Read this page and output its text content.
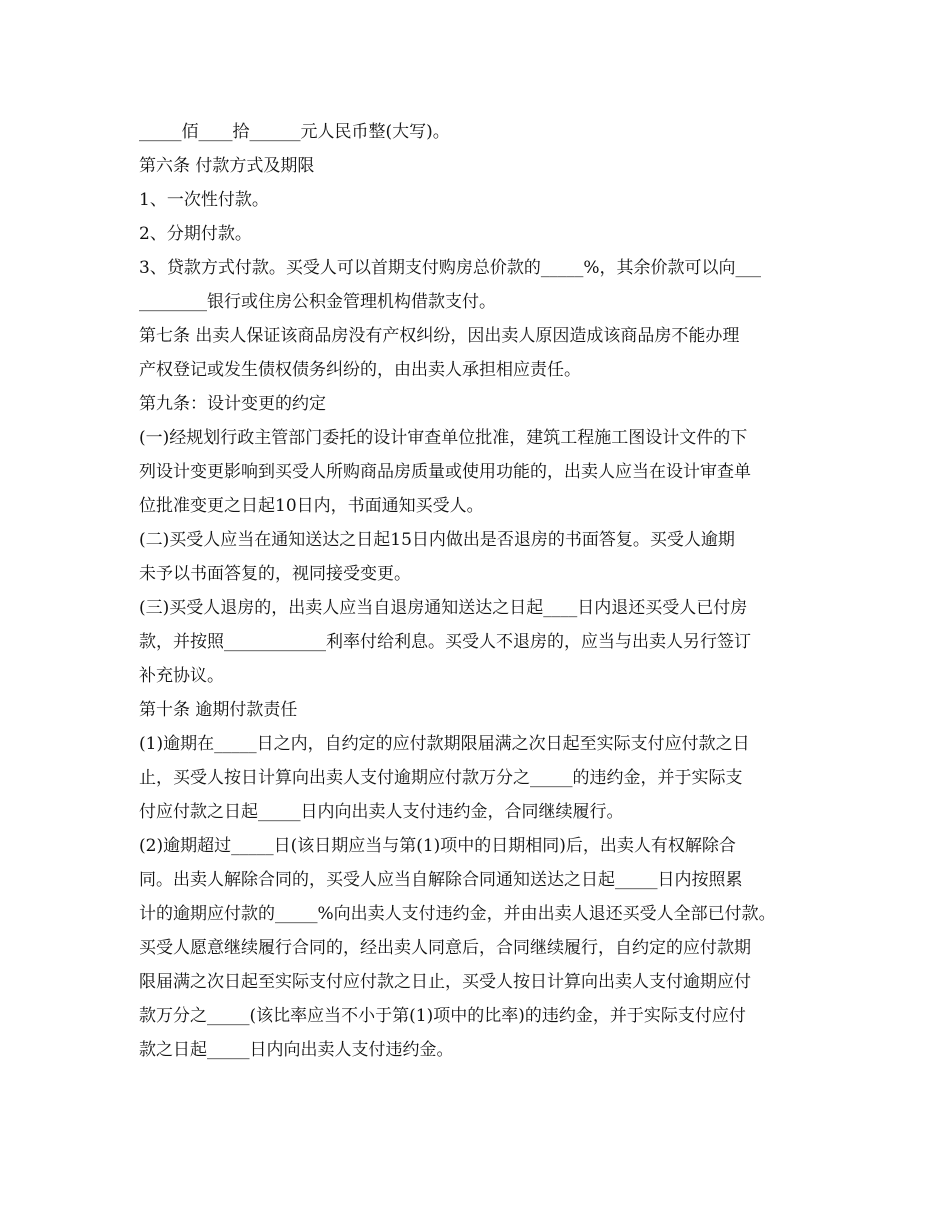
_____佰____拾______元人民币整(大写)。
第六条 付款方式及期限
1、一次性付款。
2、分期付款。
3、贷款方式付款。买受人可以首期支付购房总价款的_____%，其余价款可以向___
________银行或住房公积金管理机构借款支付。
第七条 出卖人保证该商品房没有产权纠纷，因出卖人原因造成该商品房不能办理
产权登记或发生债权债务纠纷的，由出卖人承担相应责任。
第九条：设计变更的约定
(一)经规划行政主管部门委托的设计审查单位批准，建筑工程施工图设计文件的下
列设计变更影响到买受人所购商品房质量或使用功能的，出卖人应当在设计审查单
位批准变更之日起10日内，书面通知买受人。
(二)买受人应当在通知送达之日起15日内做出是否退房的书面答复。买受人逾期
未予以书面答复的，视同接受变更。
(三)买受人退房的，出卖人应当自退房通知送达之日起____日内退还买受人已付房
款，并按照____________利率付给利息。买受人不退房的，应当与出卖人另行签订
补充协议。
第十条 逾期付款责任
(1)逾期在_____日之内，自约定的应付款期限届满之次日起至实际支付应付款之日
止，买受人按日计算向出卖人支付逾期应付款万分之_____的违约金，并于实际支
付应付款之日起_____日内向出卖人支付违约金，合同继续履行。
(2)逾期超过_____日(该日期应当与第(1)项中的日期相同)后，出卖人有权解除合
同。出卖人解除合同的，买受人应当自解除合同通知送达之日起_____日内按照累
计的逾期应付款的_____%向出卖人支付违约金，并由出卖人退还买受人全部已付款。
买受人愿意继续履行合同的，经出卖人同意后，合同继续履行，自约定的应付款期
限届满之次日起至实际支付应付款之日止，买受人按日计算向出卖人支付逾期应付
款万分之_____(该比率应当不小于第(1)项中的比率)的违约金，并于实际支付应付
款之日起_____日内向出卖人支付违约金。
